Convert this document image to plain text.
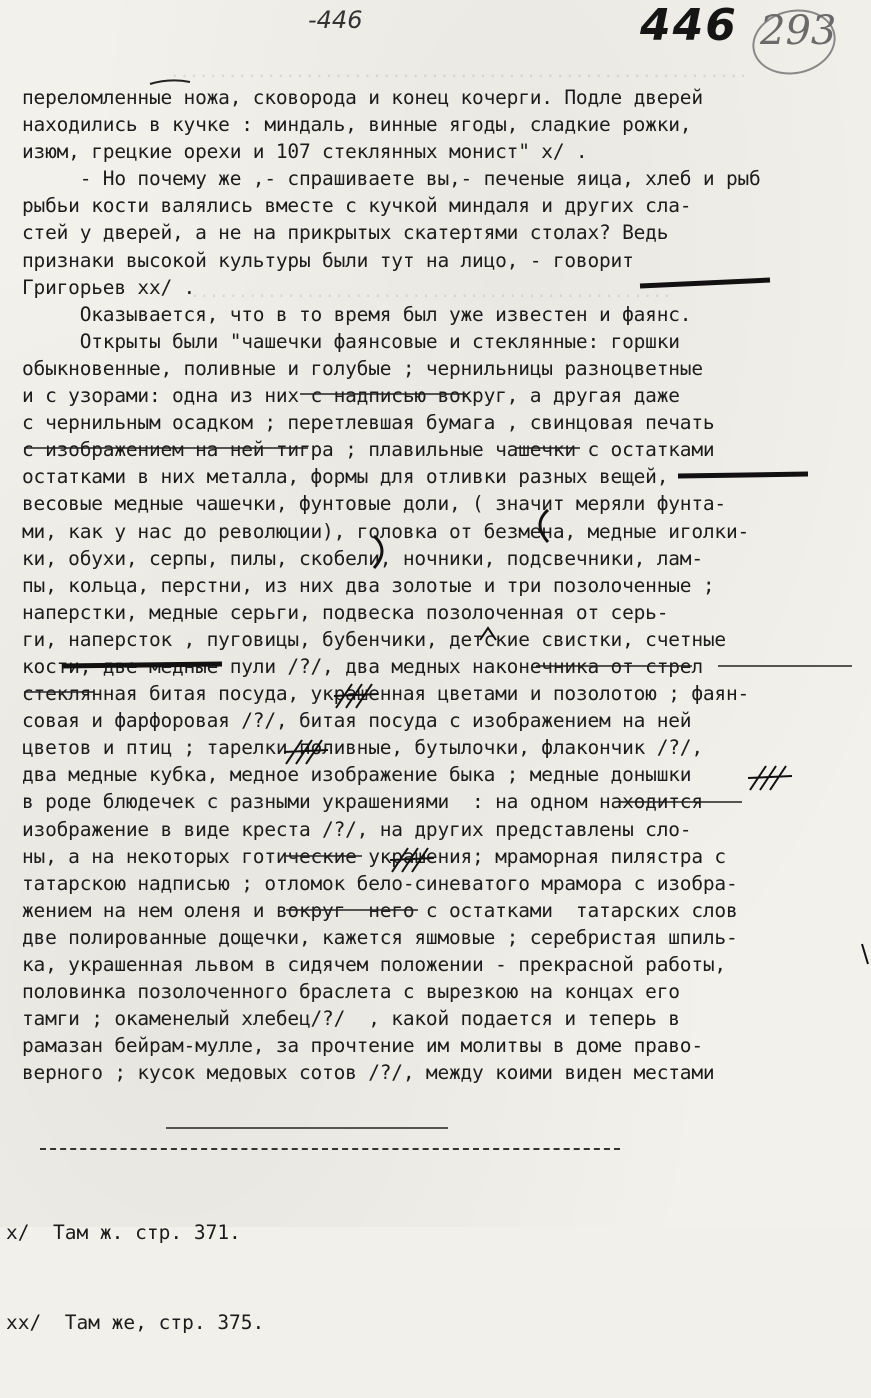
............................................................
..................................................
-446	446 293
переломленные ножа, сковорода и конец кочерги. Подле дверей
находились в кучке : миндаль, винные ягоды, сладкие рожки,
изюм, грецкие орехи и 107 стеклянных монист" x/ .
- Но почему же ,- спрашиваете вы,- печеные яица, хлеб и рыб
рыбьи кости валялись вместе с кучкой миндаля и других сла-
стей у дверей, а не на прикрытых скатертями столах? Ведь
признаки высокой культуры были тут на лицо, - говорит
Григорьев xx/ .
Оказывается, что в то время был уже известен и фаянс.
Открыты были "чашечки фаянсовые и стеклянные: горшки
обыкновенные, поливные и голубые ; чернильницы разноцветные
и с узорами: одна из них с надписью вокруг, а другая даже
с чернильным осадком ; перетлевшая бумага , свинцовая печать
с изображением на ней тигра ; плавильные чашечки с остатками
остатками в них металла, формы для отливки разных вещей,
весовые медные чашечки, фунтовые доли, ( значит меряли фунта-
ми, как у нас до революции), головка от безмена, медные иголки-
ки, обухи, серпы, пилы, скобели, ночники, подсвечники, лам-
пы, кольца, перстни, из них два золотые и три позолоченные ;
наперстки, медные серьги, подвеска позолоченная от серь-
ги, наперсток , пуговицы, бубенчики, детские свистки, счетные
кости, две медные пули /?/, два медных наконечника от стрел
стеклянная битая посуда, украшенная цветами и позолотою ; фаян-
совая и фарфоровая /?/, битая посуда с изображением на ней
цветов и птиц ; тарелки поливные, бутылочки, флакончик /?/,
два медные кубка, медное изображение быка ; медные донышки
в роде блюдечек с разными украшениями  : на одном находится
изображение в виде креста /?/, на других представлены сло-
ны, а на некоторых готические украшения; мраморная пилястра с
татарскою надписью ; отломок бело-синеватого мрамора с изобра-
жением на нем оленя и вокруг  него с остатками  татарских слов
две полированные дощечки, кажется яшмовые ; серебристая шпиль-
ка, украшенная львом в сидячем положении - прекрасной работы,
половинка позолоченного браслета с вырезкою на концах его
тамги ; окаменелый хлебец/?/  , какой подается и теперь в
рамазан бейрам-мулле, за прочтение им молитвы в доме право-
верного ; кусок медовых сотов /?/, между коими виден местами

x/  Там ж. стр. 371.

xx/  Там же, стр. 375.
